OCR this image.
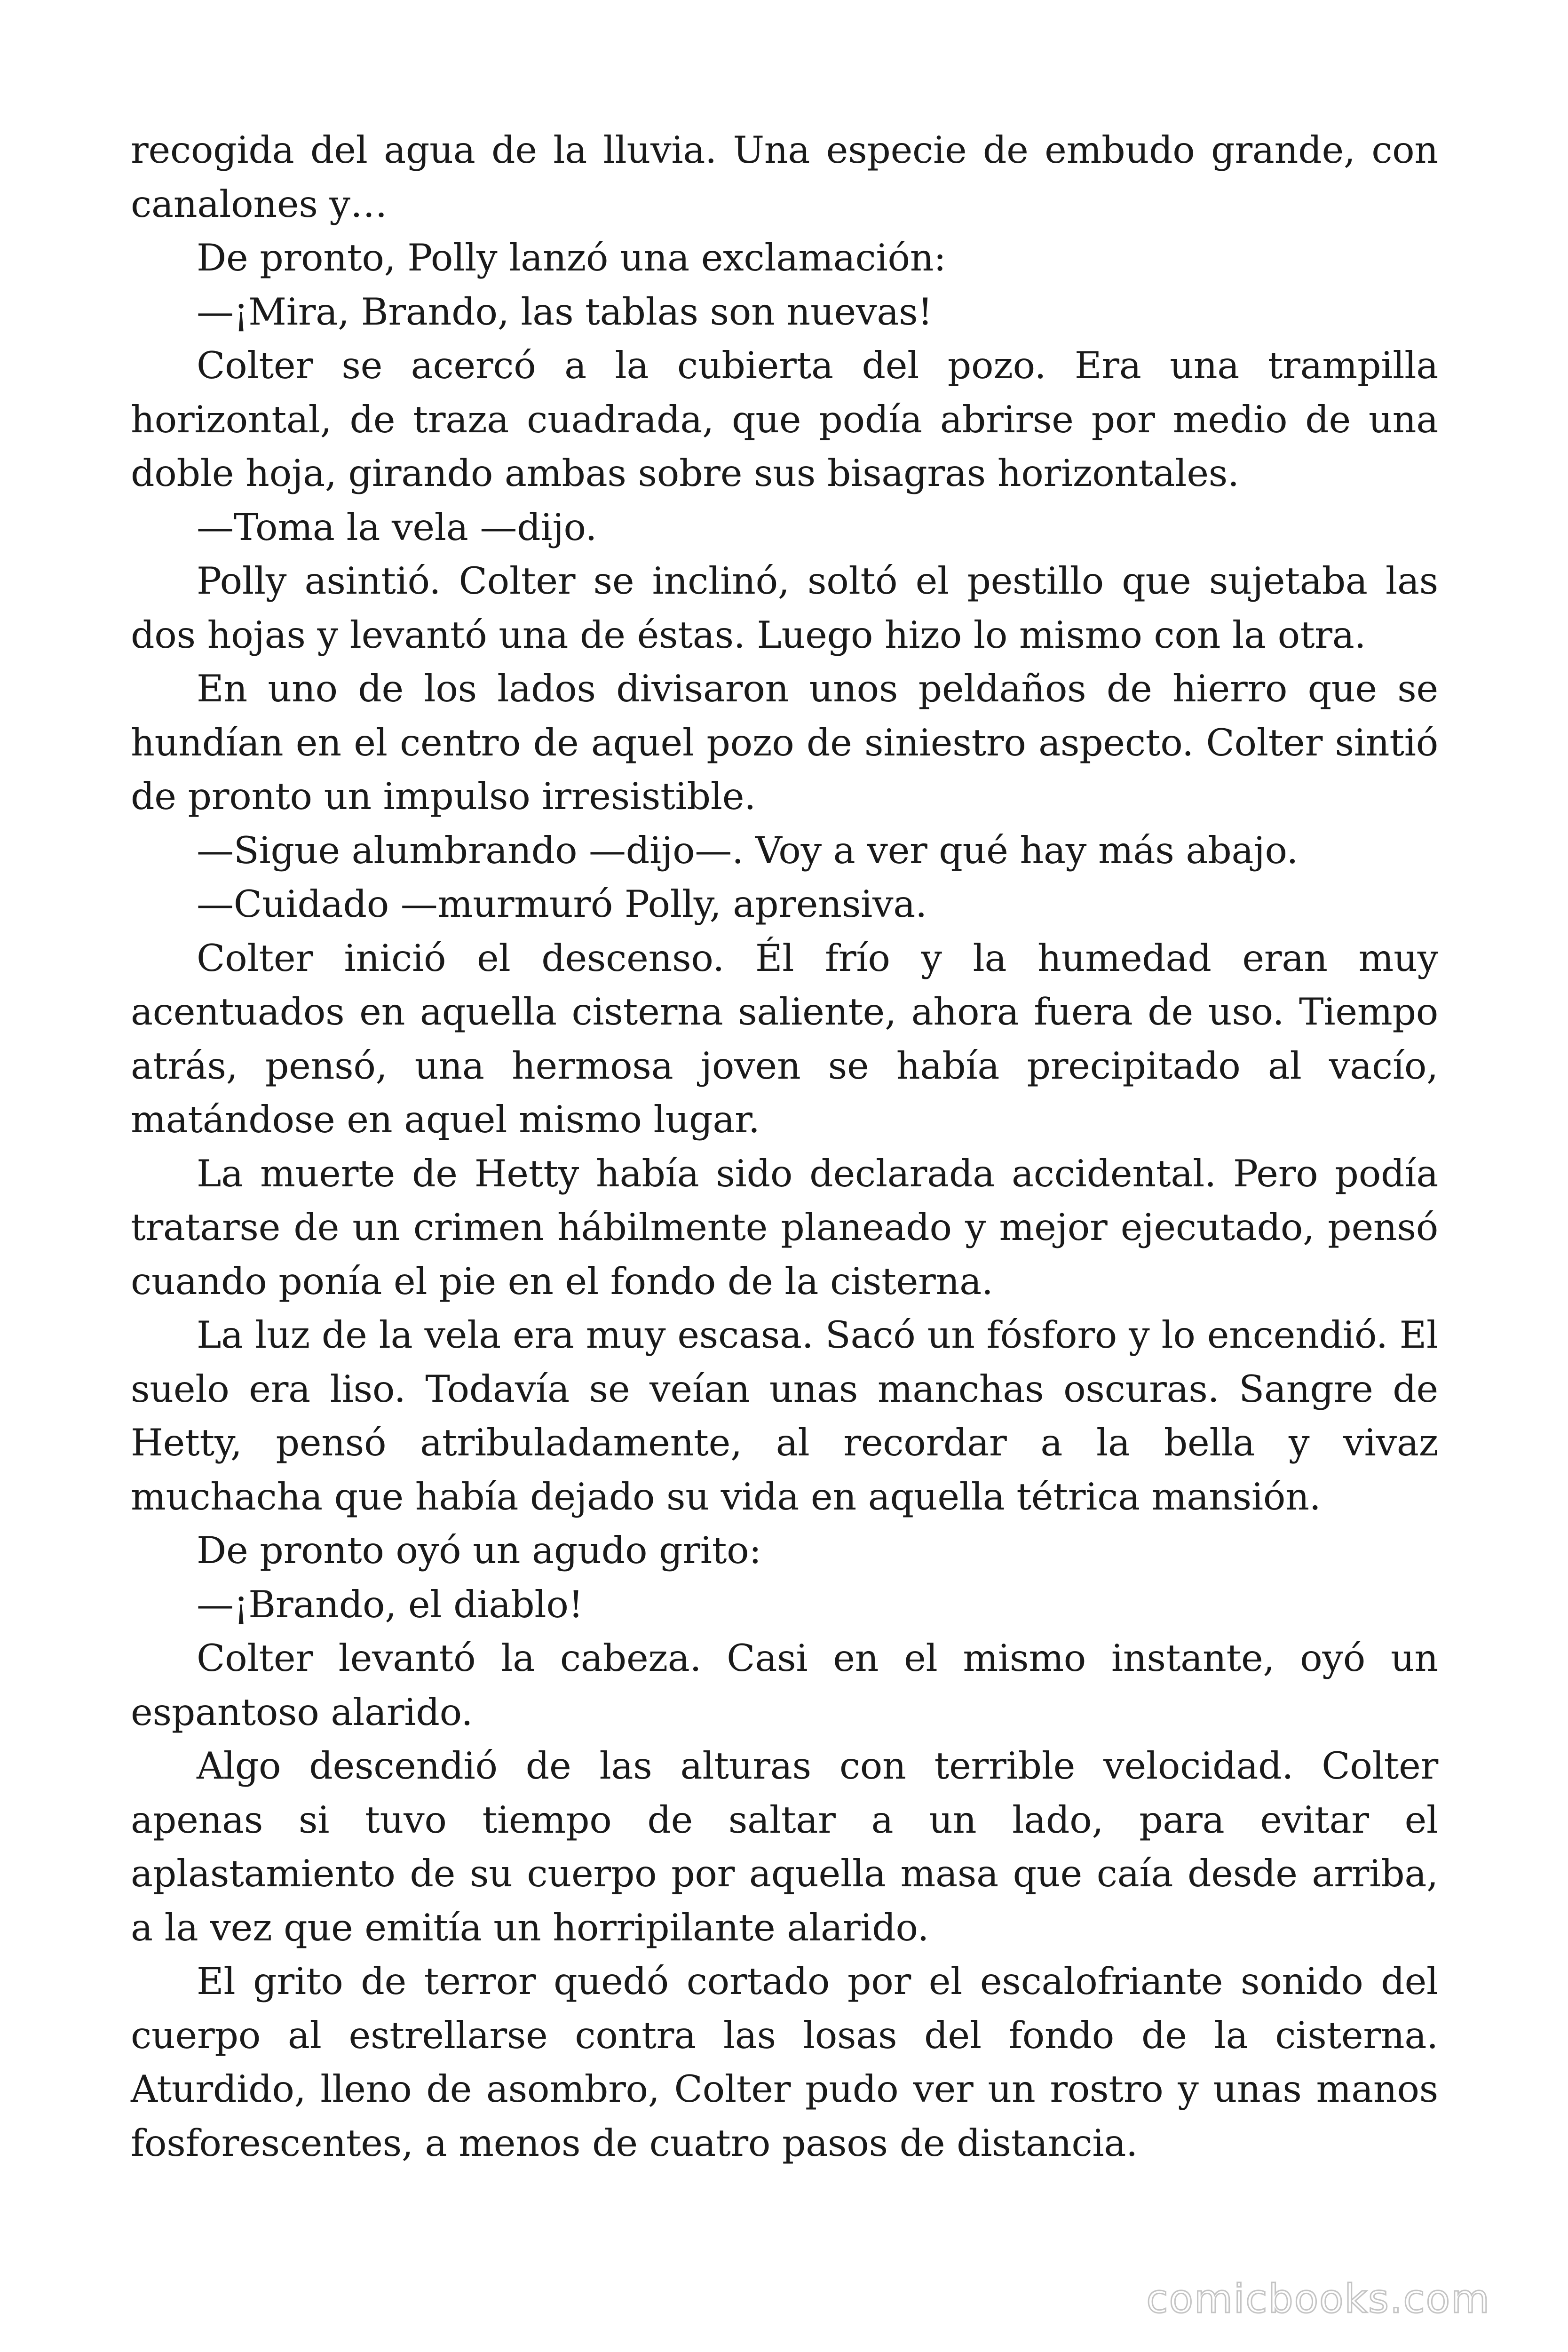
recogida del agua de la lluvia. Una especie de embudo grande, con canalones y…

De pronto, Polly lanzó una exclamación:

—¡Mira, Brando, las tablas son nuevas!

Colter se acercó a la cubierta del pozo. Era una trampilla horizontal, de traza cuadrada, que podía abrirse por medio de una doble hoja, girando ambas sobre sus bisagras horizontales.

—Toma la vela —dijo.

Polly asintió. Colter se inclinó, soltó el pestillo que sujetaba las dos hojas y levantó una de éstas. Luego hizo lo mismo con la otra.

En uno de los lados divisaron unos peldaños de hierro que se hundían en el centro de aquel pozo de siniestro aspecto. Colter sintió de pronto un impulso irresistible.

—Sigue alumbrando —dijo—. Voy a ver qué hay más abajo.

—Cuidado —murmuró Polly, aprensiva.

Colter inició el descenso. Él frío y la humedad eran muy acentuados en aquella cisterna saliente, ahora fuera de uso. Tiempo atrás, pensó, una hermosa joven se había precipitado al vacío, matándose en aquel mismo lugar.

La muerte de Hetty había sido declarada accidental. Pero podía tratarse de un crimen hábilmente planeado y mejor ejecutado, pensó cuando ponía el pie en el fondo de la cisterna.

La luz de la vela era muy escasa. Sacó un fósforo y lo encendió. El suelo era liso. Todavía se veían unas manchas oscuras. Sangre de Hetty, pensó atribuladamente, al recordar a la bella y vivaz muchacha que había dejado su vida en aquella tétrica mansión.

De pronto oyó un agudo grito:

—¡Brando, el diablo!

Colter levantó la cabeza. Casi en el mismo instante, oyó un espantoso alarido.

Algo descendió de las alturas con terrible velocidad. Colter apenas si tuvo tiempo de saltar a un lado, para evitar el aplastamiento de su cuerpo por aquella masa que caía desde arriba, a la vez que emitía un horripilante alarido.

El grito de terror quedó cortado por el escalofriante sonido del cuerpo al estrellarse contra las losas del fondo de la cisterna. Aturdido, lleno de asombro, Colter pudo ver un rostro y unas manos fosforescentes, a menos de cuatro pasos de distancia.

comicbooks.com
